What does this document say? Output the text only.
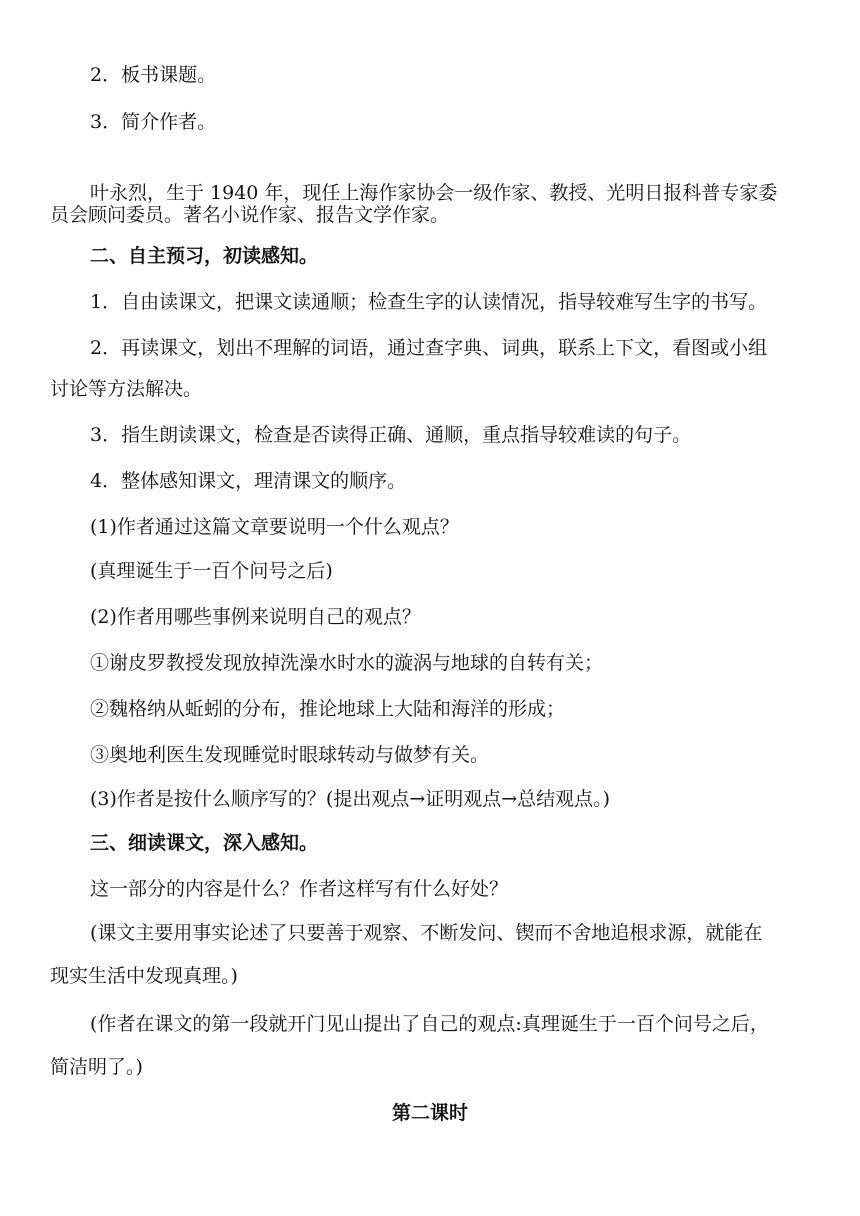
2．板书课题。
3．简介作者。
叶永烈，生于 1940 年，现任上海作家协会一级作家、教授、光明日报科普专家委
员会顾问委员。著名小说作家、报告文学作家。
二、自主预习，初读感知。
1．自由读课文，把课文读通顺；检查生字的认读情况，指导较难写生字的书写。
2．再读课文，划出不理解的词语，通过查字典、词典，联系上下文，看图或小组
讨论等方法解决。
3．指生朗读课文，检查是否读得正确、通顺，重点指导较难读的句子。
4．整体感知课文，理清课文的顺序。
(1)作者通过这篇文章要说明一个什么观点？
(真理诞生于一百个问号之后)
(2)作者用哪些事例来说明自己的观点？
①谢皮罗教授发现放掉洗澡水时水的漩涡与地球的自转有关；
②魏格纳从蚯蚓的分布，推论地球上大陆和海洋的形成；
③奥地利医生发现睡觉时眼球转动与做梦有关。
(3)作者是按什么顺序写的？(提出观点→证明观点→总结观点。)
三、细读课文，深入感知。
这一部分的内容是什么？作者这样写有什么好处？
(课文主要用事实论述了只要善于观察、不断发问、锲而不舍地追根求源，就能在
现实生活中发现真理。)
(作者在课文的第一段就开门见山提出了自己的观点:真理诞生于一百个问号之后，
简洁明了。)
第二课时
